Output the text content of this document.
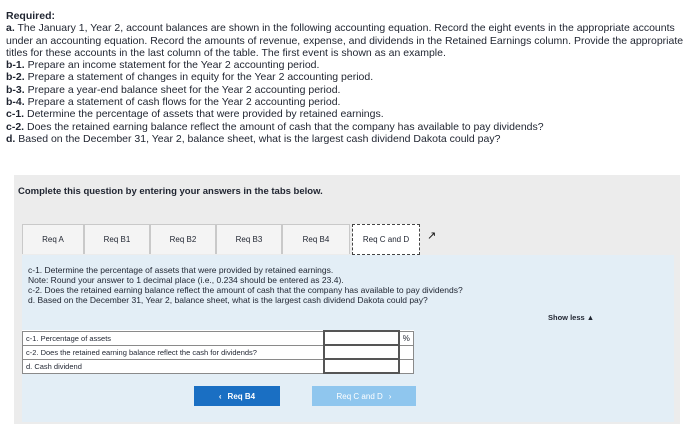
Required:
a. The January 1, Year 2, account balances are shown in the following accounting equation. Record the eight events in the appropriate accounts under an accounting equation. Record the amounts of revenue, expense, and dividends in the Retained Earnings column. Provide the appropriate titles for these accounts in the last column of the table. The first event is shown as an example.
b-1. Prepare an income statement for the Year 2 accounting period.
b-2. Prepare a statement of changes in equity for the Year 2 accounting period.
b-3. Prepare a year-end balance sheet for the Year 2 accounting period.
b-4. Prepare a statement of cash flows for the Year 2 accounting period.
c-1. Determine the percentage of assets that were provided by retained earnings.
c-2. Does the retained earning balance reflect the amount of cash that the company has available to pay dividends?
d. Based on the December 31, Year 2, balance sheet, what is the largest cash dividend Dakota could pay?
Complete this question by entering your answers in the tabs below.
Req A	Req B1	Req B2	Req B3	Req B4	Req C and D	↗
c-1. Determine the percentage of assets that were provided by retained earnings.
Note: Round your answer to 1 decimal place (i.e., 0.234 should be entered as 23.4).
c-2. Does the retained earning balance reflect the amount of cash that the company has available to pay dividends?
d. Based on the December 31, Year 2, balance sheet, what is the largest cash dividend Dakota could pay?
Show less ▲
c-1. Percentage of assets		%
c-2. Does the retained earning balance reflect the cash for dividends?		
d. Cash dividend		
‹ Req B4	Req C and D ›
